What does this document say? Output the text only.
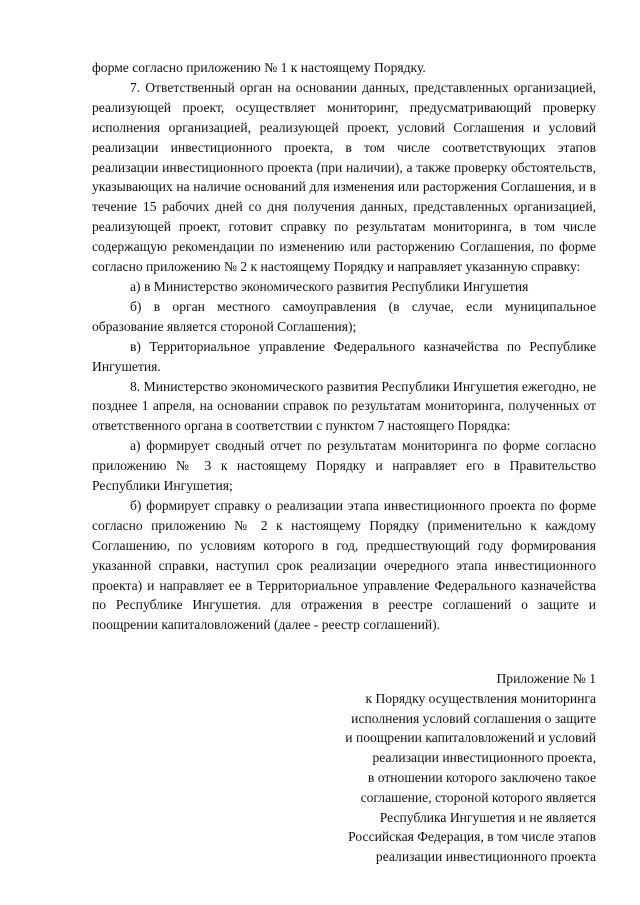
форме согласно приложению № 1 к настоящему Порядку.

7. Ответственный орган на основании данных, представленных организацией, реализующей проект, осуществляет мониторинг, предусматривающий проверку исполнения организацией, реализующей проект, условий Соглашения и условий реализации инвестиционного проекта, в том числе соответствующих этапов реализации инвестиционного проекта (при наличии), а также проверку обстоятельств, указывающих на наличие оснований для изменения или расторжения Соглашения, и в течение 15 рабочих дней со дня получения данных, представленных организацией, реализующей проект, готовит справку по результатам мониторинга, в том числе содержащую рекомендации по изменению или расторжению Соглашения, по форме согласно приложению № 2 к настоящему Порядку и направляет указанную справку:

а) в Министерство экономического развития Республики Ингушетия

б) в орган местного самоуправления (в случае, если муниципальное образование является стороной Соглашения);

в) Территориальное управление Федерального казначейства по Республике Ингушетия.

8. Министерство экономического развития Республики Ингушетия ежегодно, не позднее 1 апреля, на основании справок по результатам мониторинга, полученных от ответственного органа в соответствии с пунктом 7 настоящего Порядка:

а) формирует сводный отчет по результатам мониторинга по форме согласно приложению № 3 к настоящему Порядку и направляет его в Правительство Республики Ингушетия;

б) формирует справку о реализации этапа инвестиционного проекта по форме согласно приложению № 2 к настоящему Порядку (применительно к каждому Соглашению, по условиям которого в год, предшествующий году формирования указанной справки, наступил срок реализации очередного этапа инвестиционного проекта) и направляет ее в Территориальное управление Федерального казначейства по Республике Ингушетия. для отражения в реестре соглашений о защите и поощрении капиталовложений (далее - реестр соглашений).

Приложение № 1
к Порядку осуществления мониторинга
исполнения условий соглашения о защите
и поощрении капиталовложений и условий
реализации инвестиционного проекта,
в отношении которого заключено такое
соглашение, стороной которого является
Республика Ингушетия и не является
Российская Федерация, в том числе этапов
реализации инвестиционного проекта
